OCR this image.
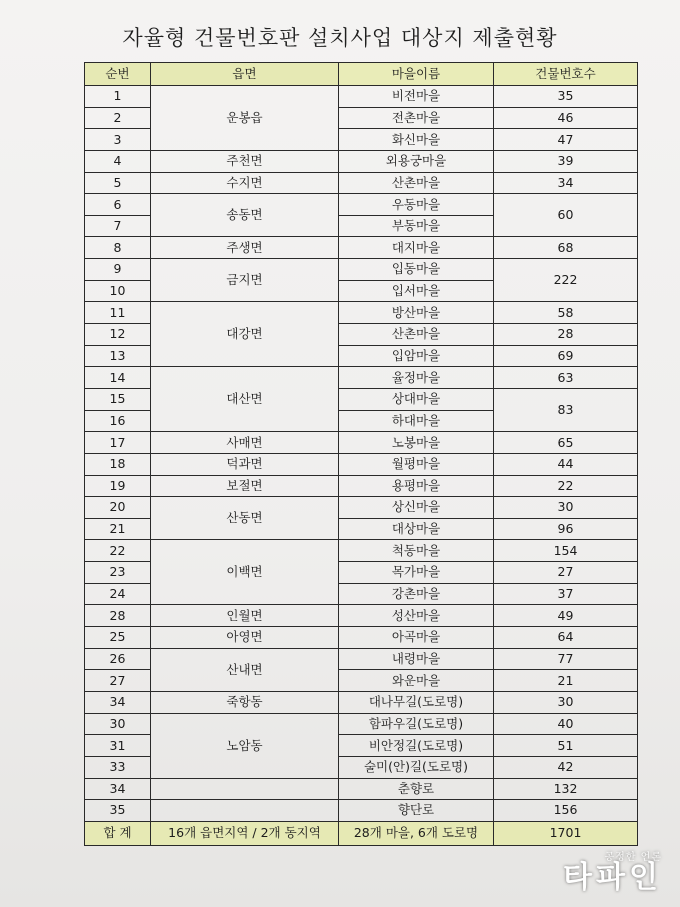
자율형 건물번호판 설치사업 대상지 제출현황
순번	읍면	마을이름	건물번호수
1	운봉읍	비전마을	35
2		전촌마을	46
3		화신마을	47
4	주천면	외용궁마을	39
5	수지면	산촌마을	34
6	송동면	우동마을	60
7		부동마을	
8	주생면	대지마을	68
9	금지면	입동마을	222
10		입서마을	
11	대강면	방산마을	58
12		산촌마을	28
13		입암마을	69
14	대산면	율정마을	63
15		상대마을	83
16		하대마을	
17	사매면	노봉마을	65
18	덕과면	월평마을	44
19	보절면	용평마을	22
20	산동면	상신마을	30
21		대상마을	96
22	이백면	척동마을	154
23		목가마을	27
24		강촌마을	37
28	인월면	성산마을	49
25	아영면	아곡마을	64
26	산내면	내령마을	77
27		와운마을	21
34	죽항동	대나무길(도로명)	30
30	노암동	함파우길(도로명)	40
31		비안정길(도로명)	51
33		술미(안)길(도로명)	42
34		춘향로	132
35		향단로	156
합 계	16개 읍면지역 / 2개 동지역	28개 마을, 6개 도로명	1701
공정한 언론
타파인
